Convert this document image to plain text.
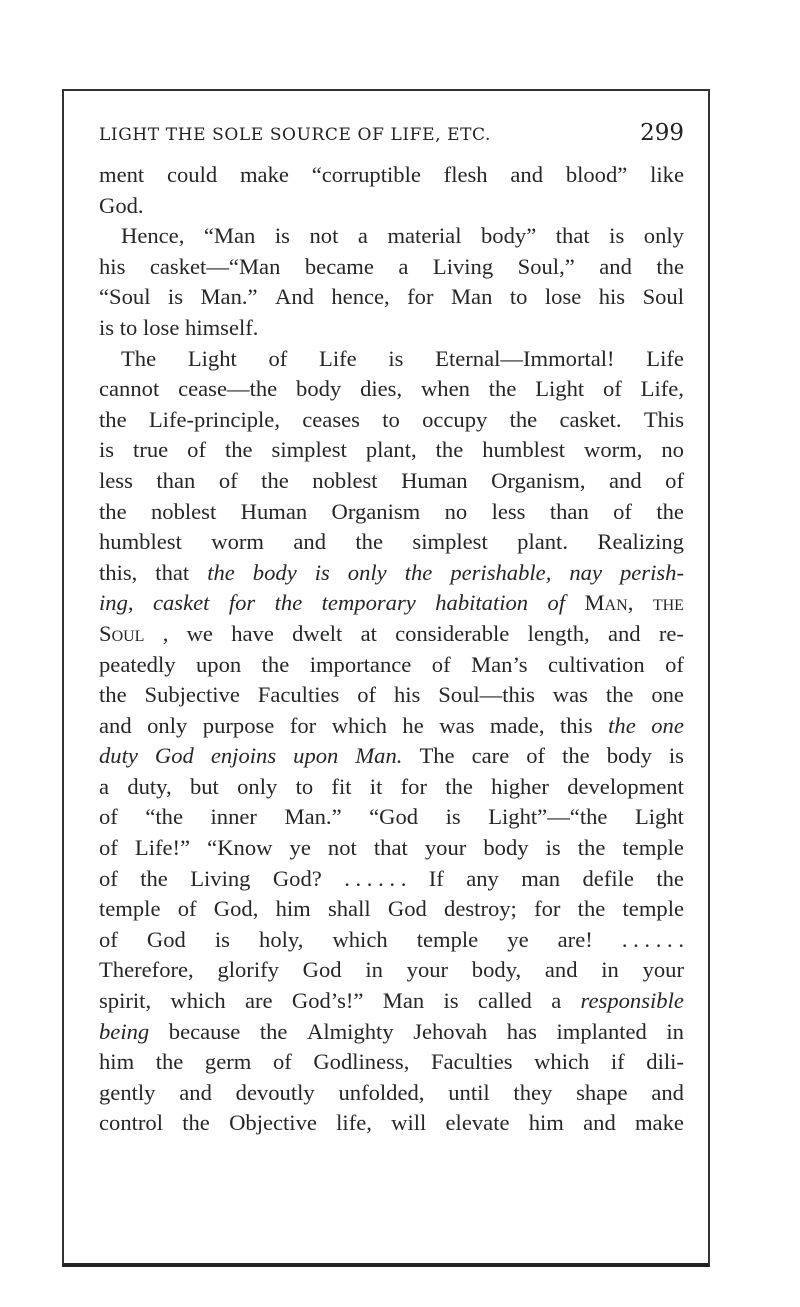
LIGHT THE SOLE SOURCE OF LIFE, ETC.	299
ment could make “corruptible flesh and blood” like
God.
Hence, “Man is not a material body” that is only
his casket—“Man became a Living Soul,” and the
“Soul is Man.” And hence, for Man to lose his Soul
is to lose himself.
The Light of Life is Eternal—Immortal! Life
cannot cease—the body dies, when the Light of Life,
the Life-principle, ceases to occupy the casket. This
is true of the simplest plant, the humblest worm, no
less than of the noblest Human Organism, and of
the noblest Human Organism no less than of the
humblest worm and the simplest plant. Realizing
this, that the body is only the perishable, nay perish-
ing, casket for the temporary habitation of Man, the
Soul , we have dwelt at considerable length, and re-
peatedly upon the importance of Man’s cultivation of
the Subjective Faculties of his Soul—this was the one
and only purpose for which he was made, this the one
duty God enjoins upon Man. The care of the body is
a duty, but only to fit it for the higher development
of “the inner Man.” “God is Light”—“the Light
of Life!” “Know ye not that your body is the temple
of the Living God? . . . . . . If any man defile the
temple of God, him shall God destroy; for the temple
of God is holy, which temple ye are! . . . . . .
Therefore, glorify God in your body, and in your
spirit, which are God’s!” Man is called a responsible
being because the Almighty Jehovah has implanted in
him the germ of Godliness, Faculties which if dili-
gently and devoutly unfolded, until they shape and
control the Objective life, will elevate him and make
